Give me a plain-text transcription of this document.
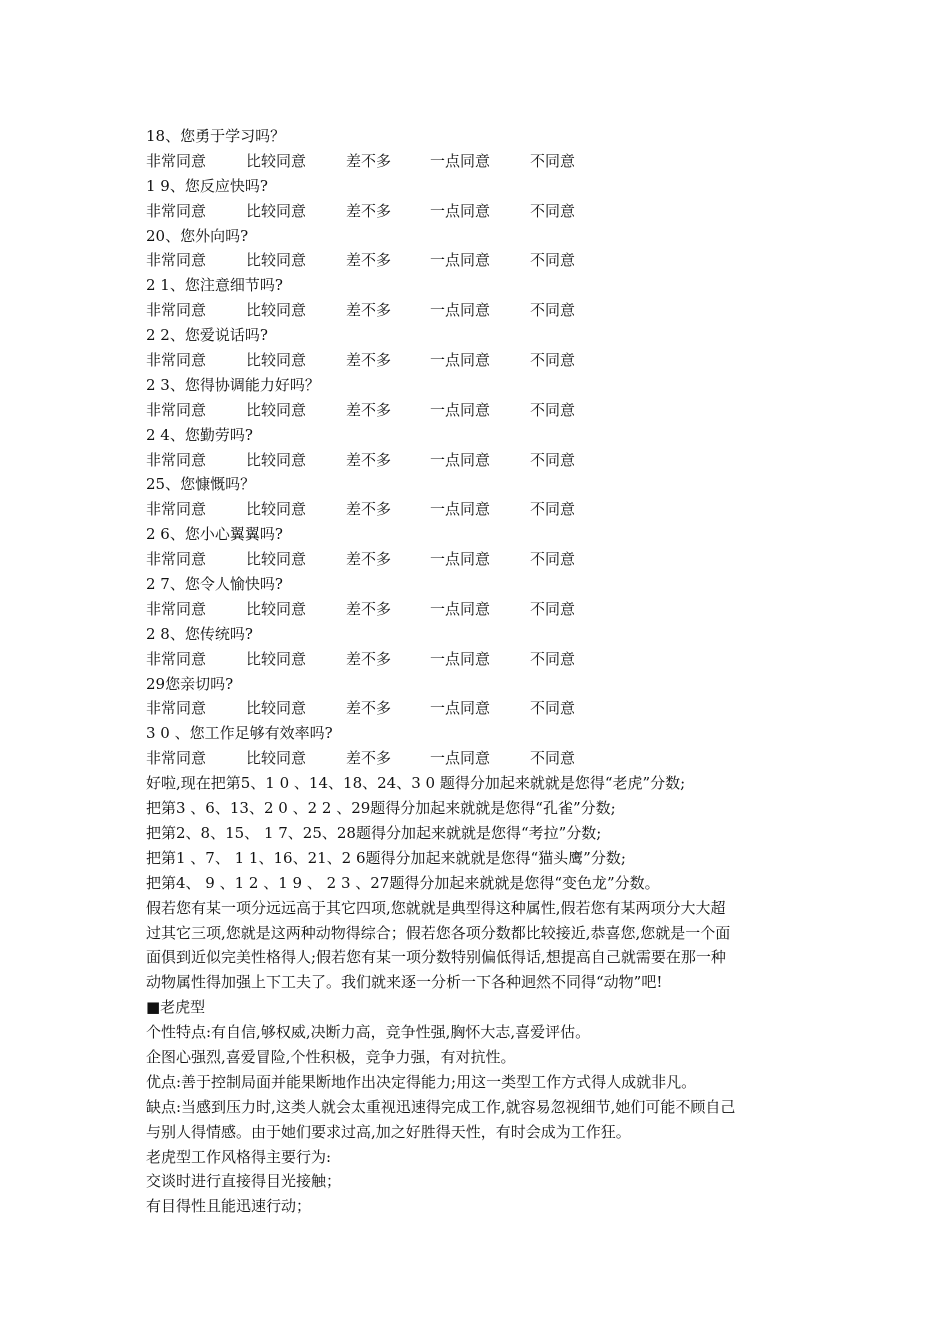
18、您勇于学习吗？
非常同意	比较同意	差不多	一点同意	不同意
1 9、您反应快吗?
非常同意	比较同意	差不多	一点同意	不同意
20、您外向吗?
非常同意	比较同意	差不多	一点同意	不同意
2 1、您注意细节吗?
非常同意	比较同意	差不多	一点同意	不同意
2 2、您爱说话吗?
非常同意	比较同意	差不多	一点同意	不同意
2 3、您得协调能力好吗？
非常同意	比较同意	差不多	一点同意	不同意
2 4、您勤劳吗?
非常同意	比较同意	差不多	一点同意	不同意
25、您慷慨吗？
非常同意	比较同意	差不多	一点同意	不同意
2 6、您小心翼翼吗?
非常同意	比较同意	差不多	一点同意	不同意
2 7、您令人愉快吗?
非常同意	比较同意	差不多	一点同意	不同意
2 8、您传统吗?
非常同意	比较同意	差不多	一点同意	不同意
29您亲切吗?
非常同意	比较同意	差不多	一点同意	不同意
3 0 、您工作足够有效率吗?
非常同意	比较同意	差不多	一点同意	不同意
好啦,现在把第5、1 0 、14、18、24、3 0 题得分加起来就就是您得“老虎”分数;
把第3 、6、13、2 0 、2 2 、29题得分加起来就就是您得“孔雀”分数;
把第2、8、15、 1 7、25、28题得分加起来就就是您得“考拉”分数;
把第1 、7、 1 1、16、21、2 6题得分加起来就就是您得“猫头鹰”分数;
把第4、 9 、1 2 、1 9 、 2 3 、27题得分加起来就就是您得“变色龙”分数。
假若您有某一项分远远高于其它四项,您就就是典型得这种属性,假若您有某两项分大大超
过其它三项,您就是这两种动物得综合；假若您各项分数都比较接近,恭喜您,您就是一个面
面俱到近似完美性格得人;假若您有某一项分数特别偏低得话,想提高自己就需要在那一种
动物属性得加强上下工夫了。我们就来逐一分析一下各种迥然不同得“动物”吧!
■老虎型
个性特点:有自信,够权威,决断力高，竞争性强,胸怀大志,喜爱评估。
企图心强烈,喜爱冒险,个性积极，竞争力强，有对抗性。
优点:善于控制局面并能果断地作出决定得能力;用这一类型工作方式得人成就非凡。
缺点:当感到压力时,这类人就会太重视迅速得完成工作,就容易忽视细节,她们可能不顾自己
与别人得情感。由于她们要求过高,加之好胜得天性，有时会成为工作狂。
老虎型工作风格得主要行为:
交谈时进行直接得目光接触；
有目得性且能迅速行动；
